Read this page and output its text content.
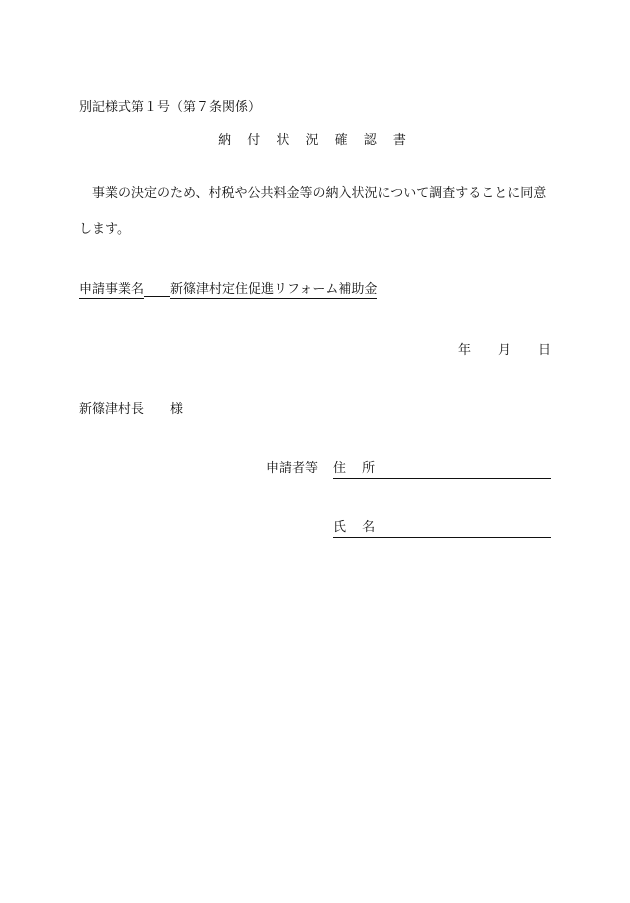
別記様式第１号（第７条関係）
納 付 状 況 確 認 書
事業の決定のため、村税や公共料金等の納入状況について調査することに同意します。
申請事業名 新篠津村定住促進リフォーム補助金
年 月 日
新篠津村長 様
申請者等 住 所
氏 名
